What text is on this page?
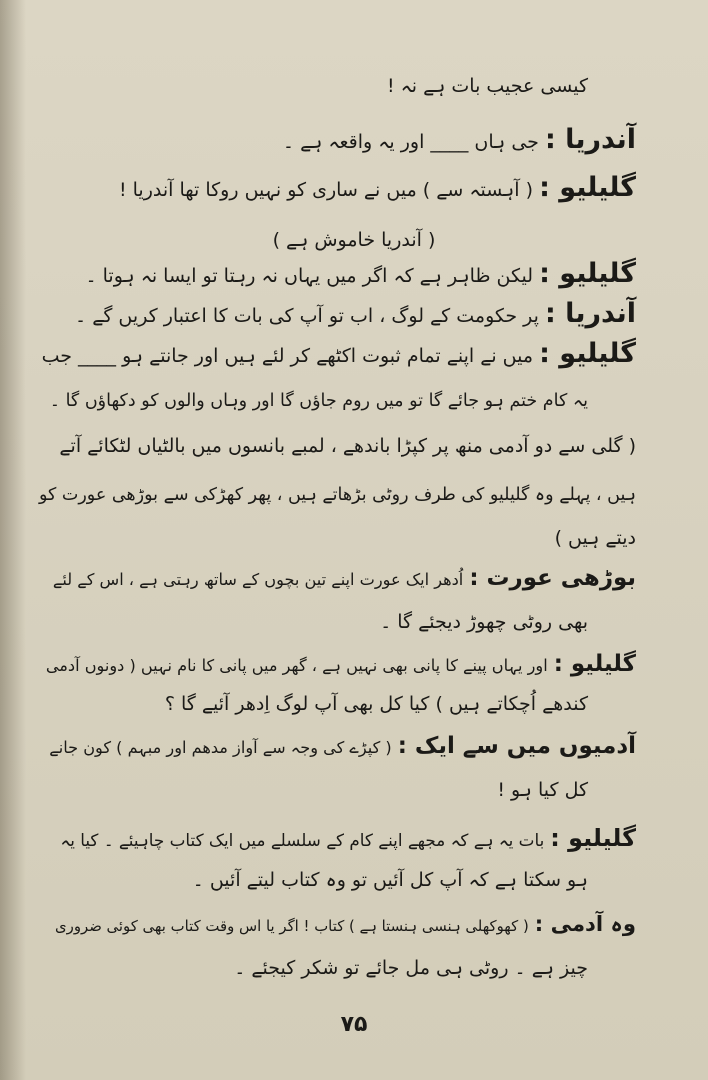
کیسی عجیب بات ہے نہ !
آندریا : جی ہاں ____ اور یہ واقعہ ہے ۔
گلیلیو : ( آہستہ سے ) میں نے ساری کو نہیں روکا تھا آندریا !
( آندریا خاموش ہے )
گلیلیو : لیکن ظاہر ہے کہ اگر میں یہاں نہ رہتا تو ایسا نہ ہوتا ۔
آندریا : پر حکومت کے لوگ ، اب تو آپ کی بات کا اعتبار کریں گے ۔
گلیلیو : میں نے اپنے تمام ثبوت اکٹھے کر لئے ہیں اور جانتے ہو ____ جب
یہ کام ختم ہو جائے گا تو میں روم جاؤں گا اور وہاں والوں کو دکھاؤں گا ۔
( گلی سے دو آدمی منھ پر کپڑا باندھے ، لمبے بانسوں میں بالٹیاں لٹکائے آتے
ہیں ، پہلے وہ گلیلیو کی طرف روٹی بڑھاتے ہیں ، پھر کھڑکی سے بوڑھی عورت کو
دیتے ہیں )
بوڑھی عورت : اُدھر ایک عورت اپنے تین بچوں کے ساتھ رہتی ہے ، اس کے لئے
بھی روٹی چھوڑ دیجئے گا ۔
گلیلیو : اور یہاں پینے کا پانی بھی نہیں ہے ، گھر میں پانی کا نام نہیں ( دونوں آدمی
کندھے اُچکاتے ہیں ) کیا کل بھی آپ لوگ اِدھر آئیے گا ؟
آدمیوں میں سے ایک : ( کپڑے کی وجہ سے آواز مدھم اور مبہم ) کون جانے
کل کیا ہو !
گلیلیو : بات یہ ہے کہ مجھے اپنے کام کے سلسلے میں ایک کتاب چاہیئے ۔ کیا یہ
ہو سکتا ہے کہ آپ کل آئیں تو وہ کتاب لیتے آئیں ۔
وہ آدمی : ( کھوکھلی ہنسی ہنستا ہے ) کتاب ! اگر یا اس وقت کتاب بھی کوئی ضروری
چیز ہے ۔ روٹی ہی مل جائے تو شکر کیجئے ۔
۷۵
